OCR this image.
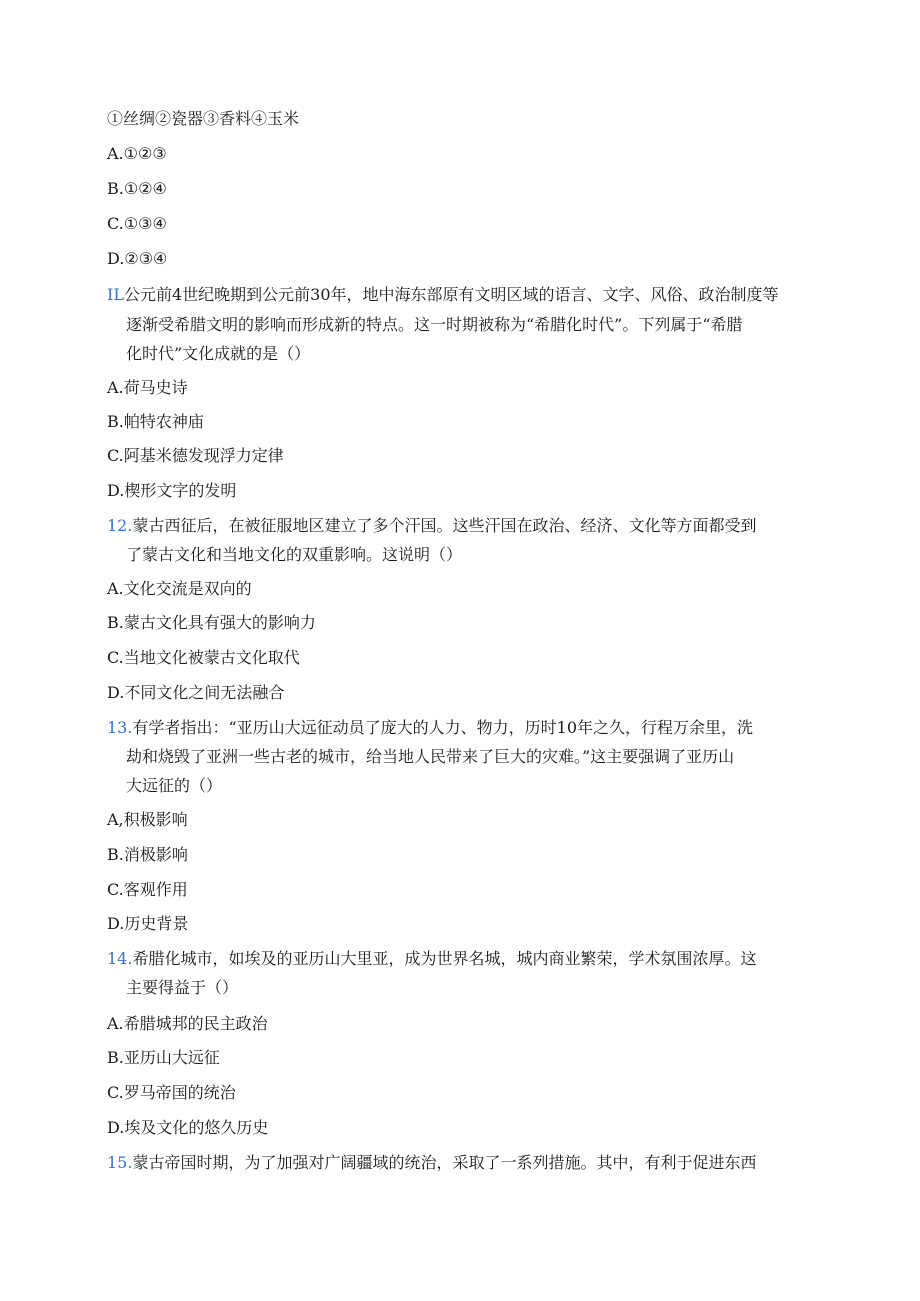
①丝绸②瓷器③香料④玉米
A.①②③
B.①②④
C.①③④
D.②③④
IL公元前4世纪晚期到公元前30年，地中海东部原有文明区域的语言、文字、风俗、政治制度等
逐渐受希腊文明的影响而形成新的特点。这一时期被称为“希腊化时代”。下列属于“希腊
化时代”文化成就的是（）
A.荷马史诗
B.帕特农神庙
C.阿基米德发现浮力定律
D.楔形文字的发明
12.蒙古西征后，在被征服地区建立了多个汗国。这些汗国在政治、经济、文化等方面都受到
了蒙古文化和当地文化的双重影响。这说明（）
A.文化交流是双向的
B.蒙古文化具有强大的影响力
C.当地文化被蒙古文化取代
D.不同文化之间无法融合
13.有学者指出：“亚历山大远征动员了庞大的人力、物力，历时10年之久，行程万余里，洗
劫和烧毁了亚洲一些古老的城市，给当地人民带来了巨大的灾难。”这主要强调了亚历山
大远征的（）
A,积极影响
B.消极影响
C.客观作用
D.历史背景
14.希腊化城市，如埃及的亚历山大里亚，成为世界名城，城内商业繁荣，学术氛围浓厚。这
主要得益于（）
A.希腊城邦的民主政治
B.亚历山大远征
C.罗马帝国的统治
D.埃及文化的悠久历史
15.蒙古帝国时期，为了加强对广阔疆域的统治，采取了一系列措施。其中，有利于促进东西
